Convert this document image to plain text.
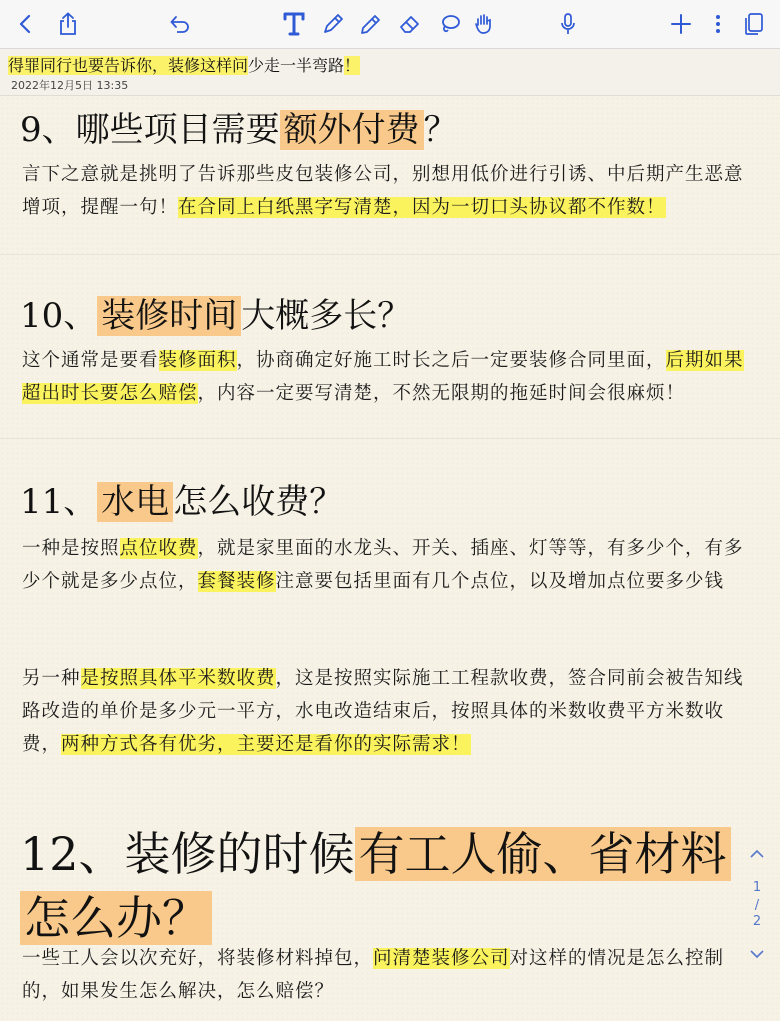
得罪同行也要告诉你，装修这样问少走一半弯路！
2022年12月5日 13:35
9、哪些项目需要 额外付费 ？
言下之意就是挑明了告诉那些皮包装修公司，别想用低价进行引诱、中后期产生恶意增项，提醒一句！在合同上白纸黑字写清楚，因为一切口头协议都不作数！
10、 装修时间 大概多长？
这个通常是要看装修面积，协商确定好施工时长之后一定要装修合同里面，后期如果超出时长要怎么赔偿，内容一定要写清楚，不然无限期的拖延时间会很麻烦！
11、 水电 怎么收费？
一种是按照点位收费，就是家里面的水龙头、开关、插座、灯等等，有多少个，有多少个就是多少点位，套餐装修注意要包括里面有几个点位，以及增加点位要多少钱
另一种是按照具体平米数收费，这是按照实际施工工程款收费，签合同前会被告知线路改造的单价是多少元一平方，水电改造结束后，按照具体的米数收费平方米数收费，两种方式各有优劣，主要还是看你的实际需求！
12、装修的时候有工人偷、省材料
怎么办？
一些工人会以次充好，将装修材料掉包，问清楚装修公司对这样的情况是怎么控制的，如果发生怎么解决，怎么赔偿？
1
/
2
